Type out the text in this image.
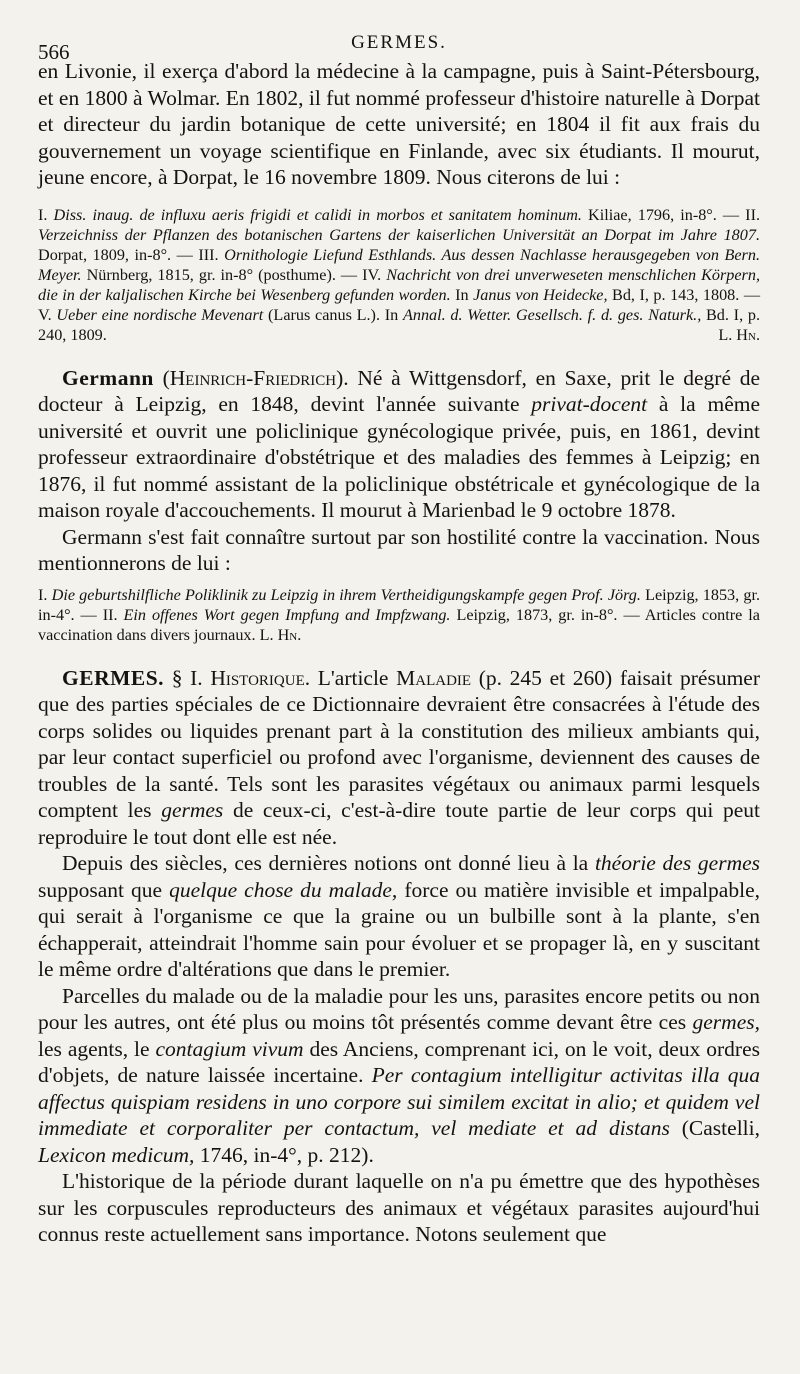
566	GERMES.

en Livonie, il exerça d'abord la médecine à la campagne, puis à Saint-Pétersbourg, et en 1800 à Wolmar. En 1802, il fut nommé professeur d'histoire naturelle à Dorpat et directeur du jardin botanique de cette université; en 1804 il fit aux frais du gouvernement un voyage scientifique en Finlande, avec six étudiants. Il mourut, jeune encore, à Dorpat, le 16 novembre 1809. Nous citerons de lui :

I. Diss. inaug. de influxu aeris frigidi et calidi in morbos et sanitatem hominum. Kiliae, 1796, in-8°. — II. Verzeichniss der Pflanzen des botanischen Gartens der kaiserlichen Universität an Dorpat im Jahre 1807. Dorpat, 1809, in-8°. — III. Ornithologie Liefund Esthlands. Aus dessen Nachlasse herausgegeben von Bern. Meyer. Nürnberg, 1815, gr. in-8° (posthume). — IV. Nachricht von drei unverweseten menschlichen Körpern, die in der kaljalischen Kirche bei Wesenberg gefunden worden. In Janus von Heidecke, Bd, I, p. 143, 1808. — V. Ueber eine nordische Mevenart (Larus canus L.). In Annal. d. Wetter. Gesellsch. f. d. ges. Naturk., Bd. I, p. 240, 1809.	L. Hn.

Germann (Heinrich-Friedrich). Né à Wittgensdorf, en Saxe, prit le degré de docteur à Leipzig, en 1848, devint l'année suivante privat-docent à la même université et ouvrit une policlinique gynécologique privée, puis, en 1861, devint professeur extraordinaire d'obstétrique et des maladies des femmes à Leipzig; en 1876, il fut nommé assistant de la policlinique obstétricale et gynécologique de la maison royale d'accouchements. Il mourut à Marienbad le 9 octobre 1878.

Germann s'est fait connaître surtout par son hostilité contre la vaccination. Nous mentionnerons de lui :

I. Die geburtshilfliche Poliklinik zu Leipzig in ihrem Vertheidigungskampfe gegen Prof. Jörg. Leipzig, 1853, gr. in-4°. — II. Ein offenes Wort gegen Impfung and Impfzwang. Leipzig, 1873, gr. in-8°. — Articles contre la vaccination dans divers journaux. L. Hn.

GERMES. § I. Historique. L'article Maladie (p. 245 et 260) faisait présumer que des parties spéciales de ce Dictionnaire devraient être consacrées à l'étude des corps solides ou liquides prenant part à la constitution des milieux ambiants qui, par leur contact superficiel ou profond avec l'organisme, deviennent des causes de troubles de la santé. Tels sont les parasites végétaux ou animaux parmi lesquels comptent les germes de ceux-ci, c'est-à-dire toute partie de leur corps qui peut reproduire le tout dont elle est née.

Depuis des siècles, ces dernières notions ont donné lieu à la théorie des germes supposant que quelque chose du malade, force ou matière invisible et impalpable, qui serait à l'organisme ce que la graine ou un bulbille sont à la plante, s'en échapperait, atteindrait l'homme sain pour évoluer et se propager là, en y suscitant le même ordre d'altérations que dans le premier.

Parcelles du malade ou de la maladie pour les uns, parasites encore petits ou non pour les autres, ont été plus ou moins tôt présentés comme devant être ces germes, les agents, le contagium vivum des Anciens, comprenant ici, on le voit, deux ordres d'objets, de nature laissée incertaine. Per contagium intelligitur activitas illa qua affectus quispiam residens in uno corpore sui similem excitat in alio; et quidem vel immediate et corporaliter per contactum, vel mediate et ad distans (Castelli, Lexicon medicum, 1746, in-4°, p. 212).

L'historique de la période durant laquelle on n'a pu émettre que des hypothèses sur les corpuscules reproducteurs des animaux et végétaux parasites aujourd'hui connus reste actuellement sans importance. Notons seulement que
